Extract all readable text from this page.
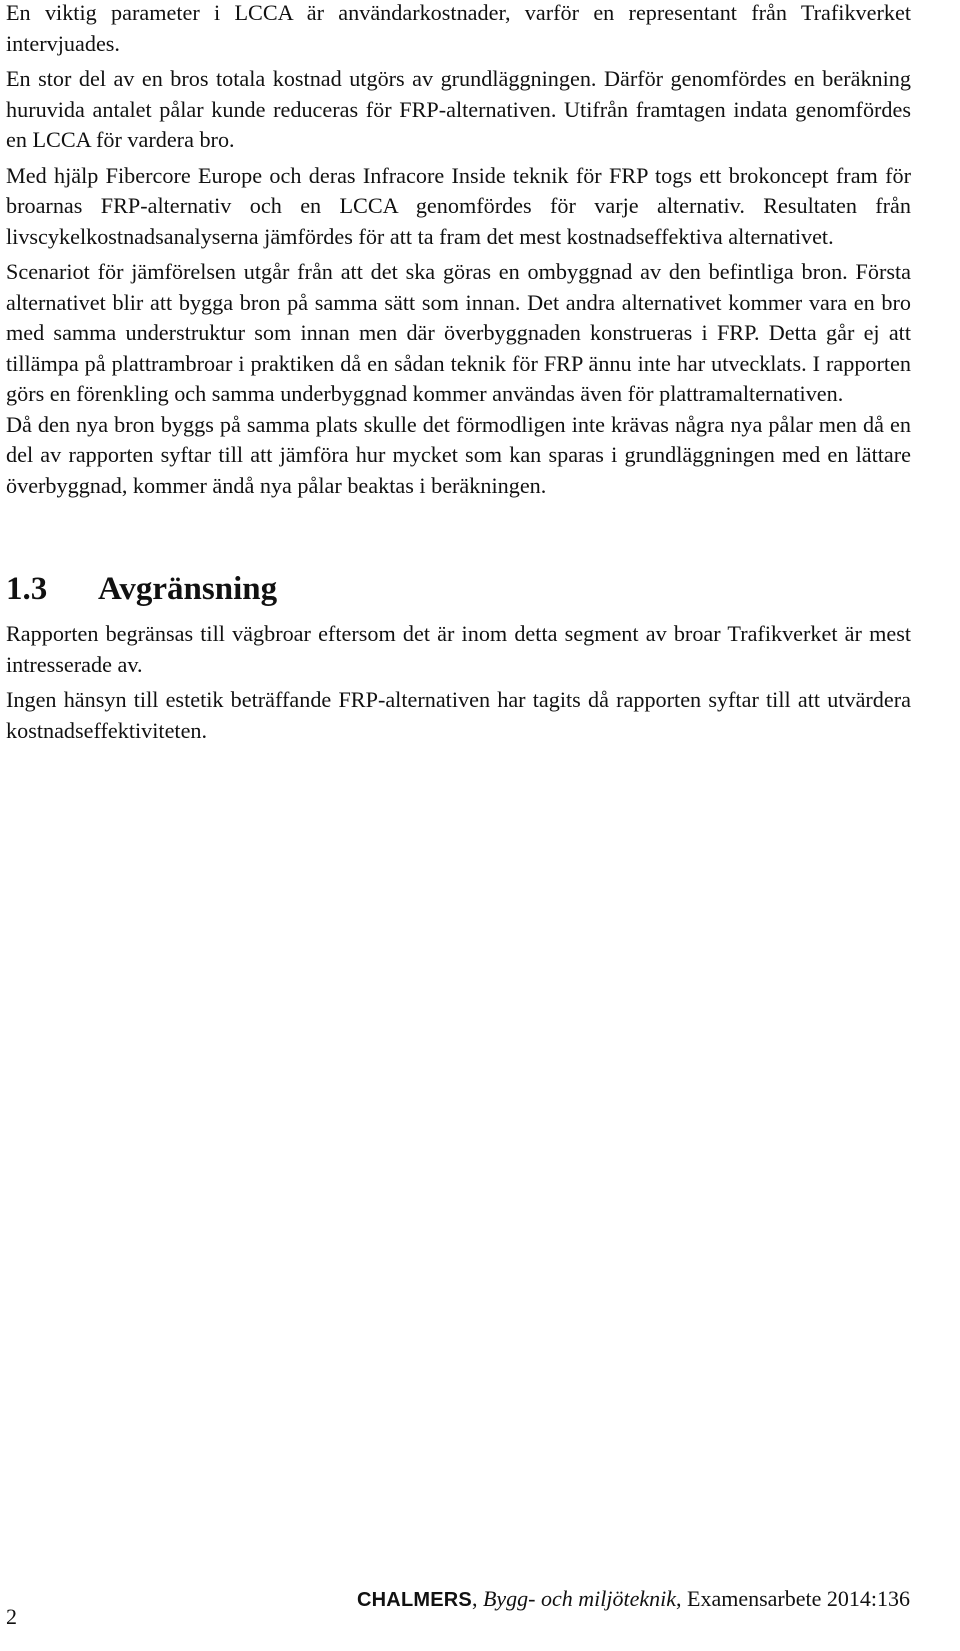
En viktig parameter i LCCA är användarkostnader, varför en representant från Trafikverket intervjuades.

En stor del av en bros totala kostnad utgörs av grundläggningen. Därför genomfördes en beräkning huruvida antalet pålar kunde reduceras för FRP-alternativen. Utifrån framtagen indata genomfördes en LCCA för vardera bro.

Med hjälp Fibercore Europe och deras Infracore Inside teknik för FRP togs ett brokoncept fram för broarnas FRP-alternativ och en LCCA genomfördes för varje alternativ. Resultaten från livscykelkostnadsanalyserna jämfördes för att ta fram det mest kostnadseffektiva alternativet.

Scenariot för jämförelsen utgår från att det ska göras en ombyggnad av den befintliga bron. Första alternativet blir att bygga bron på samma sätt som innan. Det andra alternativet kommer vara en bro med samma understruktur som innan men där överbyggnaden konstrueras i FRP. Detta går ej att tillämpa på plattrambroar i praktiken då en sådan teknik för FRP ännu inte har utvecklats. I rapporten görs en förenkling och samma underbyggnad kommer användas även för plattramalternativen.

Då den nya bron byggs på samma plats skulle det förmodligen inte krävas några nya pålar men då en del av rapporten syftar till att jämföra hur mycket som kan sparas i grundläggningen med en lättare överbyggnad, kommer ändå nya pålar beaktas i beräkningen.

1.3	Avgränsning

Rapporten begränsas till vägbroar eftersom det är inom detta segment av broar Trafikverket är mest intresserade av.

Ingen hänsyn till estetik beträffande FRP-alternativen har tagits då rapporten syftar till att utvärdera kostnadseffektiviteten.

2
CHALMERS, Bygg- och miljöteknik, Examensarbete 2014:136
